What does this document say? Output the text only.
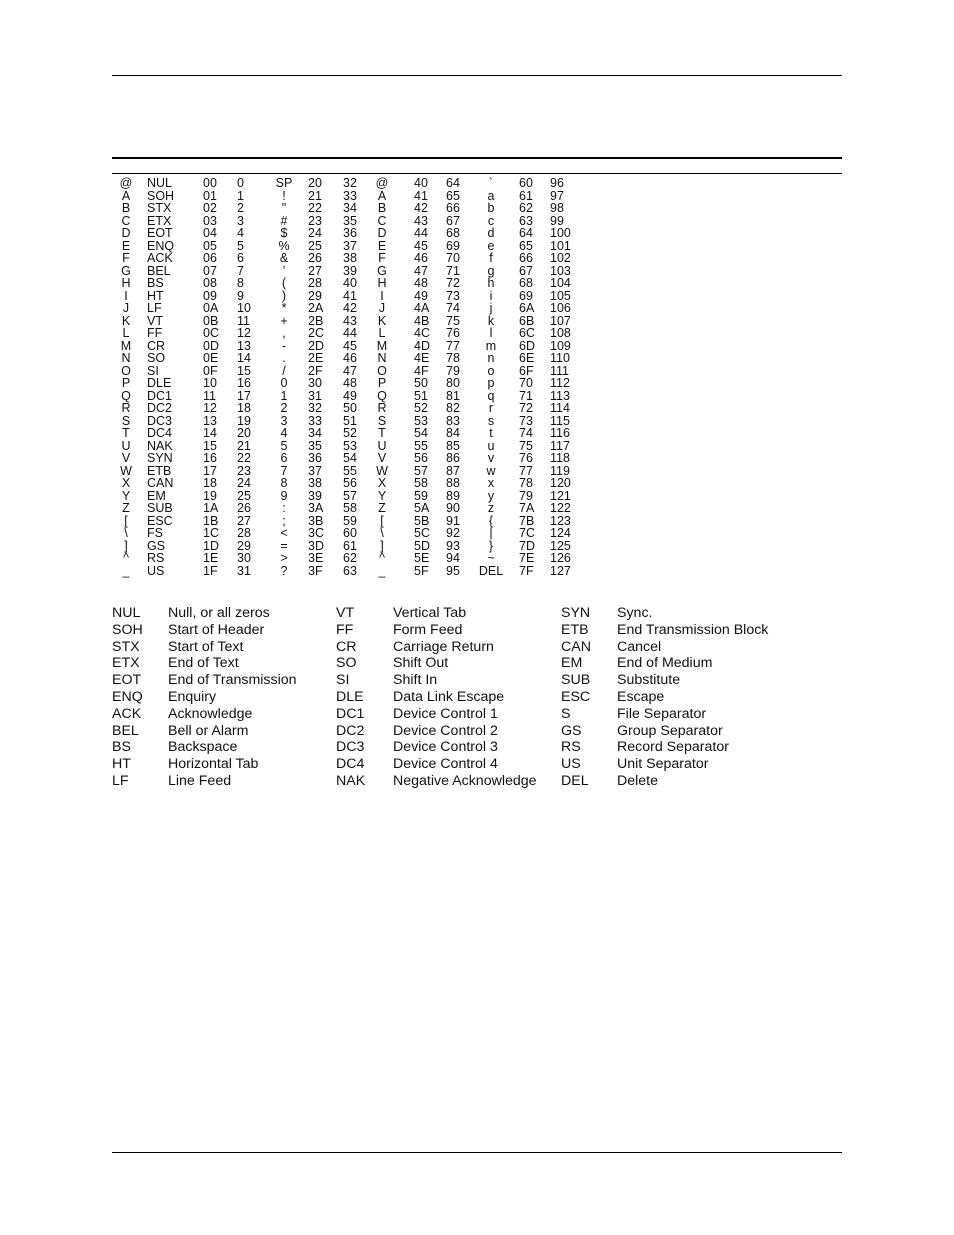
@ NUL 00 0	SP 20 32 @ 40 64 ` 60 96
A SOH 01 1	! 21 33 A 41 65 a 61 97
B STX	02 2	" 22 34 B 42 66 b 62 98
C ETX	03 3	# 23 35 C 43 67 c 63 99
D EOT 04 4	$ 24 36 D 44 68 d 64 100
E ENQ 05 5	% 25 37 E 45 69 e 65 101
F ACK 06 6	& 26 38 F 46 70 f 66 102
G BEL	07 7	’ 27 39 G 47 71 g 67 103
H BS	08 8	( 28 40 H 48 72 h 68 104
I HT	09 9	) 29 41 I 49 73 i 69 105
J LF	0A 10 * 2A 42 J 4A 74 j 6A 106
K VT	0B 11 + 2B 43 K 4B 75 k 6B 107
L FF	0C 12	, 2C 44 L 4C 76 l 6C 108
M CR	0D 13 - 2D 45 M 4D 77 m 6D 109
N SO	0E 14	. 2E 46 N 4E 78 n 6E 110
O SI	0F 15	/ 2F 47 O 4F 79 o 6F 111
P DLE	10 16 0 30 48 P 50 80 p 70 112
Q DC1 11 17 1 31 49 Q 51 81 q 71 113
R DC2 12 18 2 32 50 R 52 82 r 72 114
S DC3 13 19 3 33 51 S 53 83 s 73 115
T DC4 14 20 4 34 52 T 54 84 t 74 116
U NAK 15 21 5 35 53 U 55 85 u 75 117
V SYN 16 22 6 36 54 V 56 86 v 76 118
W ETB	17 23 7 37 55 W 57 87 w 77 119
X CAN 18 24 8 38 56 X 58 88 x 78 120
Y EM	19 25 9 39 57 Y 59 89 y 79 121
Z SUB 1A 26	: 3A 58 Z 5A 90 z 7A 122
[ ESC 1B 27	; 3B 59 [ 5B 91 { 7B 123
\ FS	1C 28 < 3C 60 \ 5C 92 | 7C 124
] GS	1D 29 = 3D 61 ] 5D 93 } 7D 125
^ RS	1E 30 > 3E 62 ^ 5E 94 ~ 7E 126
_ US	1F 31 ? 3F 63 _ 5F 95 DEL 7F 127
NUL Null, or all zeros	VT	Vertical Tab	SYN Sync.
SOH Start of Header	FF	Form Feed	ETB End Transmission Block
STX Start of Text	CR	Carriage Return	CAN Cancel
ETX End of Text	SO	Shift Out	EM End of Medium
EOT End of Transmission	SI	Shift In	SUB Substitute
ENQ Enquiry	DLE Data Link Escape	ESC Escape
ACK Acknowledge	DC1 Device Control 1	S	File Separator
BEL Bell or Alarm	DC2 Device Control 2	GS	Group Separator
BS	Backspace	DC3 Device Control 3	RS	Record Separator
HT	Horizontal Tab	DC4 Device Control 4	US	Unit Separator
LF	Line Feed	NAK Negative Acknowledge DEL Delete
